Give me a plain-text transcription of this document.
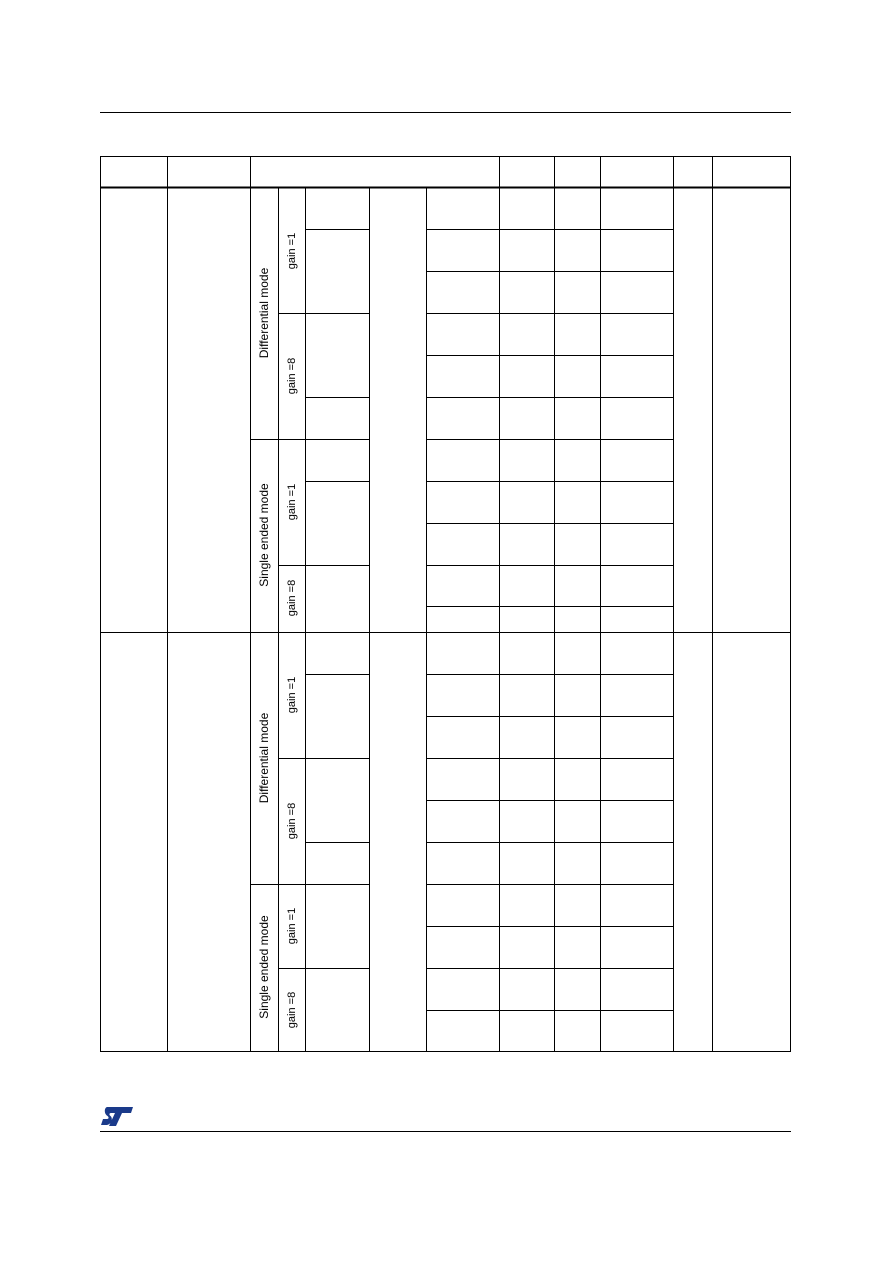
Differential mode
Single ended mode
gain =1
gain =8
gain =1
gain =8
Differential mode
Single ended mode
gain =1
gain =8
gain =1
gain =8
